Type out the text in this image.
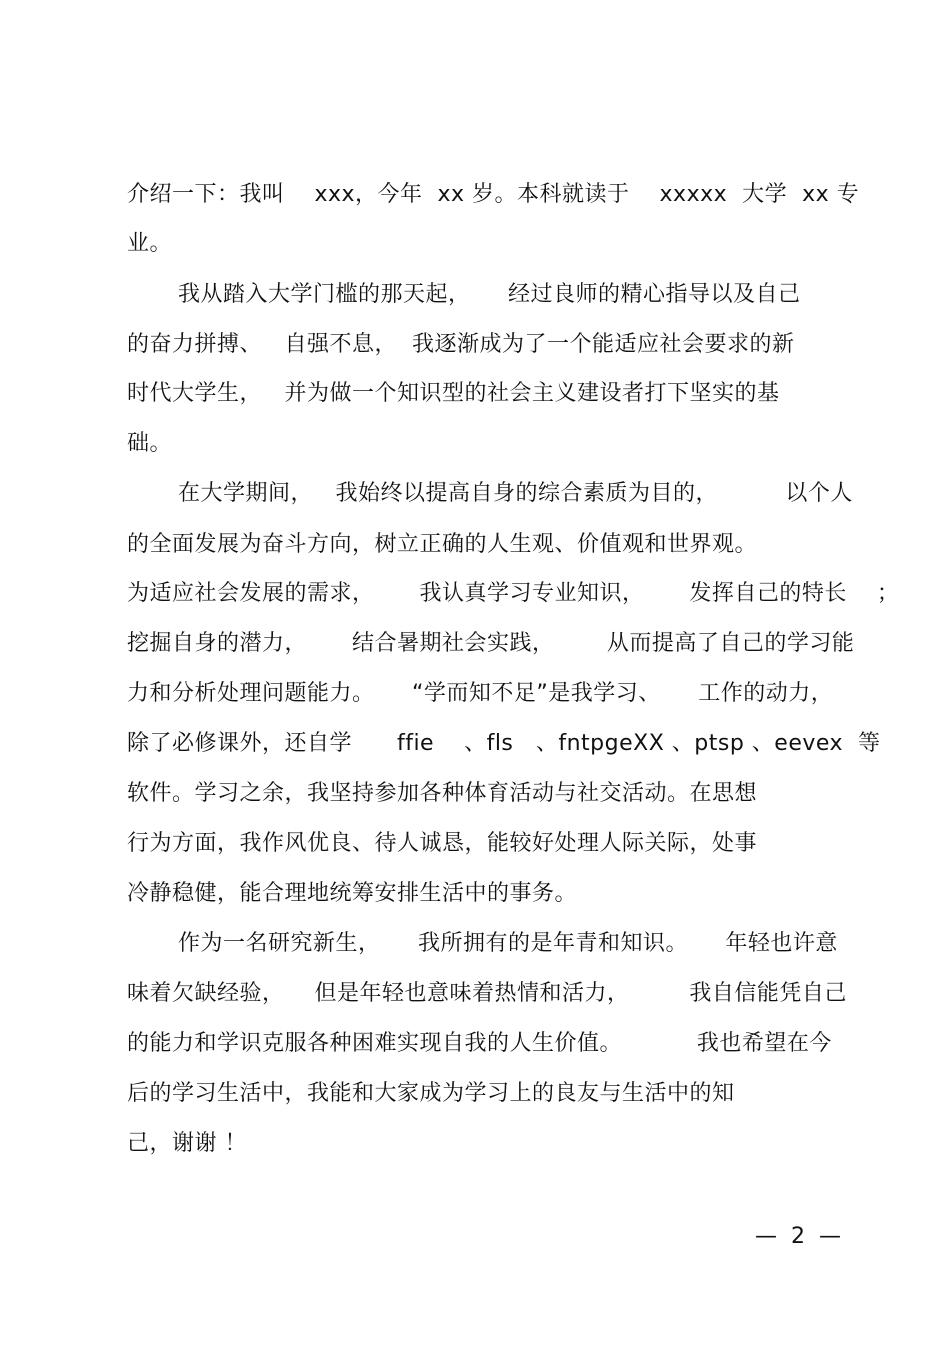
介绍一下：我叫    xxx，今年  xx 岁。本科就读于    xxxxx  大学  xx 专
业。
我从踏入大学门槛的那天起，     经过良师的精心指导以及自己
的奋力拼搏、   自强不息，  我逐渐成为了一个能适应社会要求的新
时代大学生，   并为做一个知识型的社会主义建设者打下坚实的基
础。
在大学期间，   我始终以提高自身的综合素质为目的，         以个人
的全面发展为奋斗方向，树立正确的人生观、价值观和世界观。
为适应社会发展的需求，      我认真学习专业知识，      发挥自己的特长    ；
挖掘自身的潜力，      结合暑期社会实践，       从而提高了自己的学习能
力和分析处理问题能力。     “学而知不足”是我学习、     工作的动力，
除了必修课外，还自学      ffie    、fls   、fntpgeXX 、ptsp 、eevex  等
软件。学习之余，我坚持参加各种体育活动与社交活动。在思想
行为方面，我作风优良、待人诚恳，能较好处理人际关际，处事
冷静稳健，能合理地统筹安排生活中的事务。
作为一名研究新生，     我所拥有的是年青和知识。     年轻也许意
味着欠缺经验，    但是年轻也意味着热情和活力，        我自信能凭自己
的能力和学识克服各种困难实现自我的人生价值。          我也希望在今
后的学习生活中，我能和大家成为学习上的良友与生活中的知
己，谢谢 ！
—  2  —
